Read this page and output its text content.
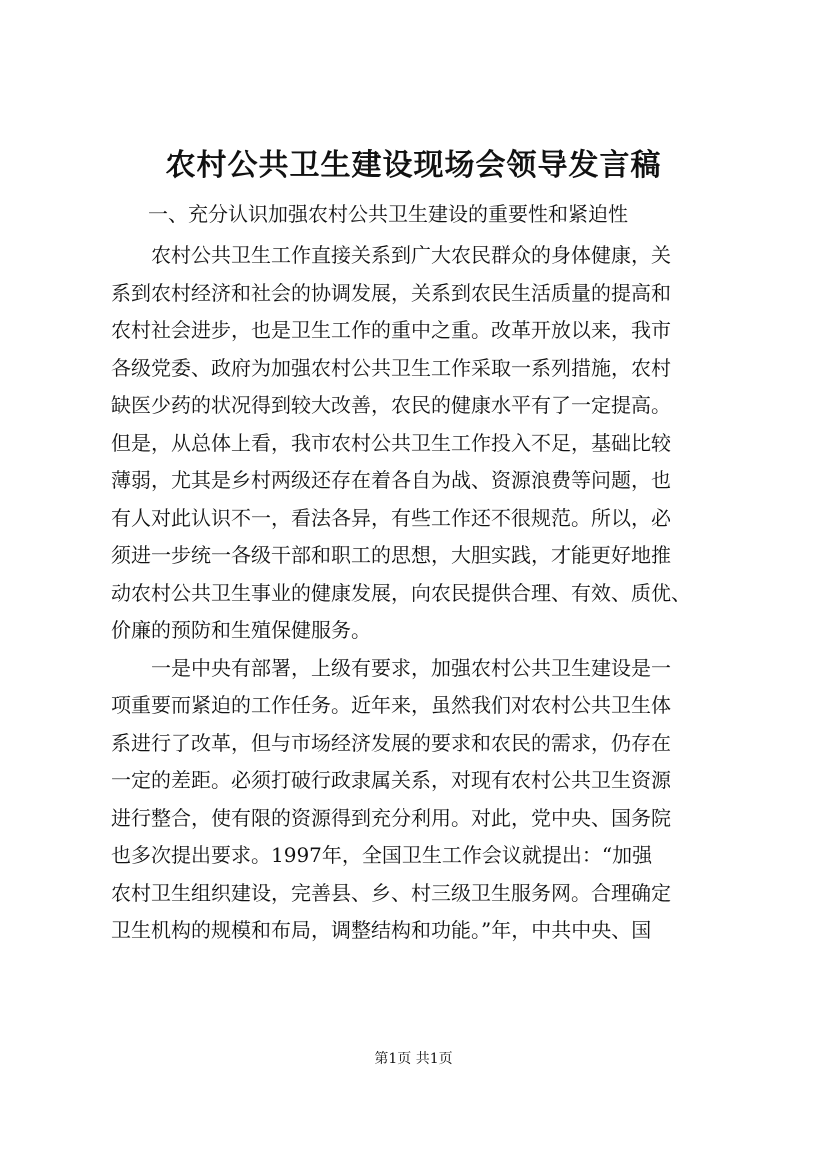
农村公共卫生建设现场会领导发言稿
一、充分认识加强农村公共卫生建设的重要性和紧迫性
　　农村公共卫生工作直接关系到广大农民群众的身体健康，关
系到农村经济和社会的协调发展，关系到农民生活质量的提高和
农村社会进步，也是卫生工作的重中之重。改革开放以来，我市
各级党委、政府为加强农村公共卫生工作采取一系列措施，农村
缺医少药的状况得到较大改善，农民的健康水平有了一定提高。
但是，从总体上看，我市农村公共卫生工作投入不足，基础比较
薄弱，尤其是乡村两级还存在着各自为战、资源浪费等问题，也
有人对此认识不一，看法各异，有些工作还不很规范。所以，必
须进一步统一各级干部和职工的思想，大胆实践，才能更好地推
动农村公共卫生事业的健康发展，向农民提供合理、有效、质优、
价廉的预防和生殖保健服务。
　　一是中央有部署，上级有要求，加强农村公共卫生建设是一
项重要而紧迫的工作任务。近年来，虽然我们对农村公共卫生体
系进行了改革，但与市场经济发展的要求和农民的需求，仍存在
一定的差距。必须打破行政隶属关系，对现有农村公共卫生资源
进行整合，使有限的资源得到充分利用。对此，党中央、国务院
也多次提出要求。1997年，全国卫生工作会议就提出：“加强
农村卫生组织建设，完善县、乡、村三级卫生服务网。合理确定
卫生机构的规模和布局，调整结构和功能。”年，中共中央、国
第1页 共1页
